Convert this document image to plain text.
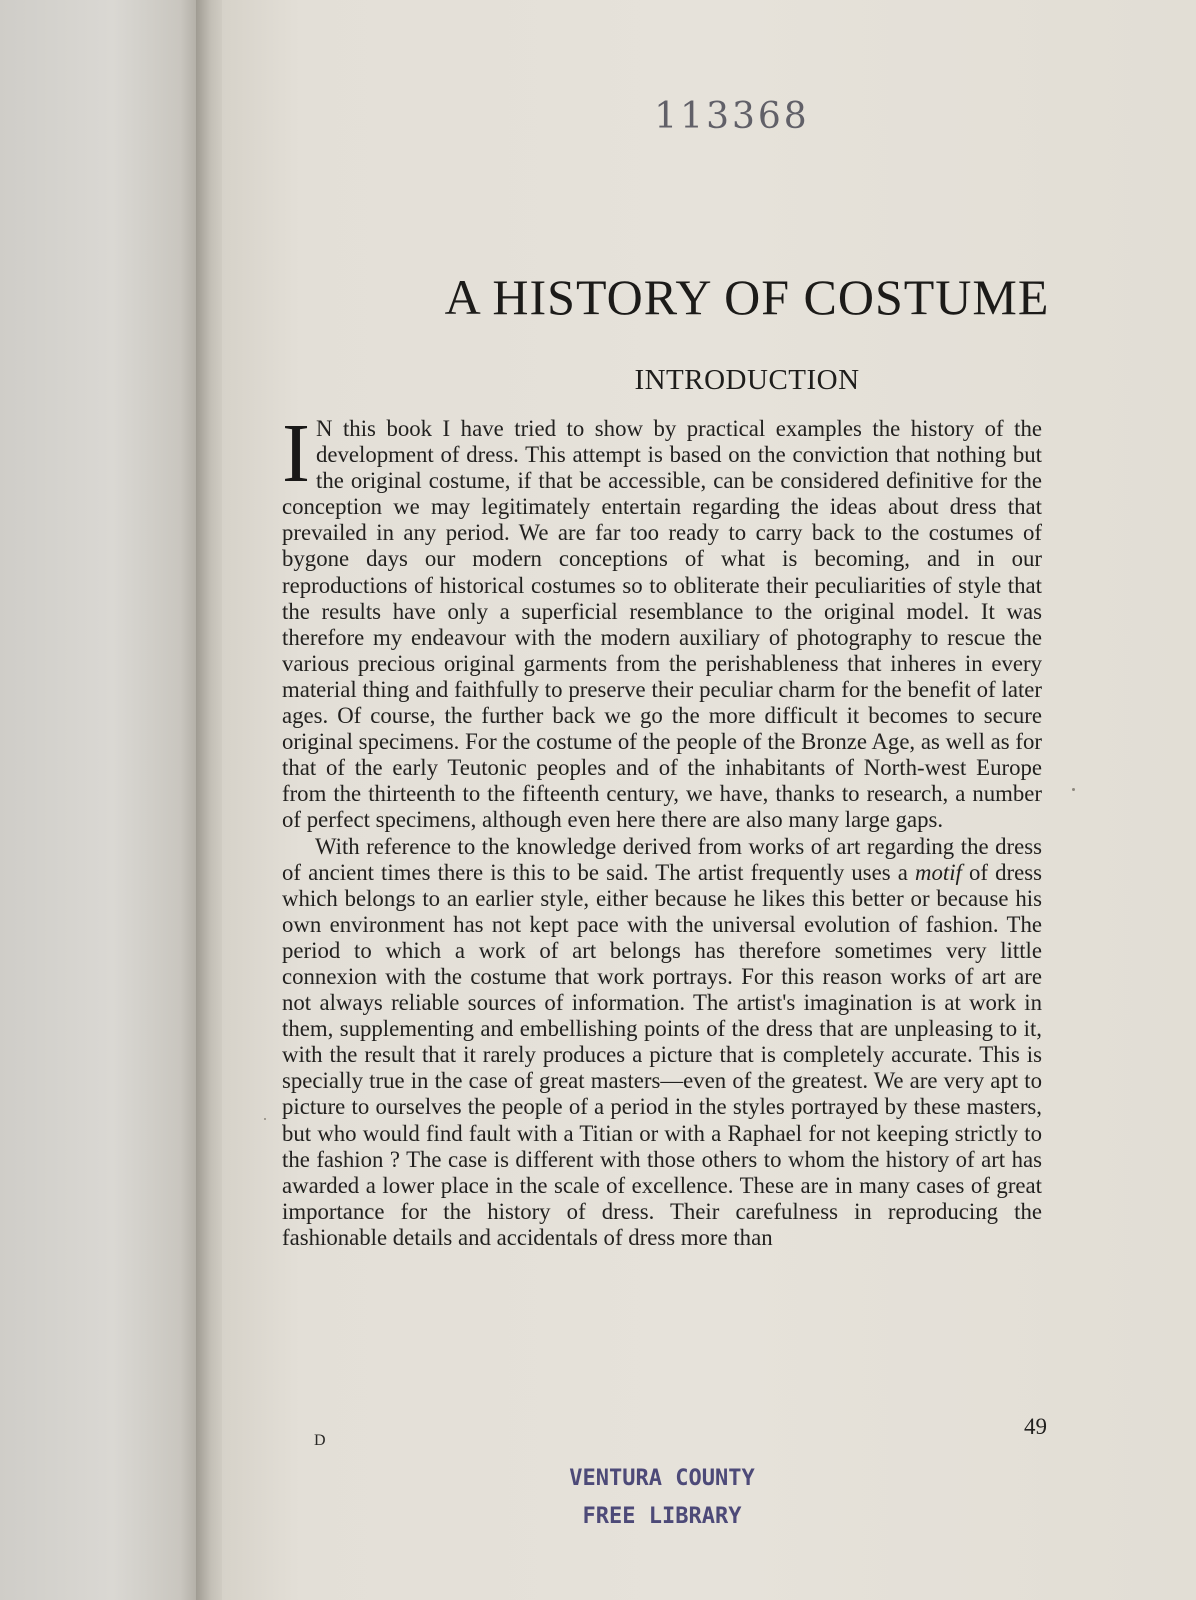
113368
A HISTORY OF COSTUME
INTRODUCTION

I N this book I have tried to show by practical examples the history of the development of dress. This attempt is based on the conviction that nothing but the original costume, if that be accessible, can be considered definitive for the conception we may legitimately entertain regarding the ideas about dress that prevailed in any period. We are far too ready to carry back to the costumes of bygone days our modern conceptions of what is becoming, and in our reproductions of historical costumes so to obliterate their peculiarities of style that the results have only a superficial resemblance to the original model. It was therefore my endeavour with the modern auxiliary of photography to rescue the various precious original garments from the perishableness that inheres in every material thing and faithfully to preserve their peculiar charm for the benefit of later ages. Of course, the further back we go the more difficult it becomes to secure original specimens. For the costume of the people of the Bronze Age, as well as for that of the early Teutonic peoples and of the inhabitants of North-west Europe from the thirteenth to the fifteenth century, we have, thanks to research, a number of perfect specimens, although even here there are also many large gaps.

With reference to the knowledge derived from works of art regarding the dress of ancient times there is this to be said. The artist frequently uses a motif of dress which belongs to an earlier style, either because he likes this better or because his own environment has not kept pace with the universal evolution of fashion. The period to which a work of art belongs has therefore sometimes very little connexion with the costume that work portrays. For this reason works of art are not always reliable sources of information. The artist's imagination is at work in them, supplementing and embellishing points of the dress that are unpleasing to it, with the result that it rarely produces a picture that is completely accurate. This is specially true in the case of great masters—even of the greatest. We are very apt to picture to ourselves the people of a period in the styles portrayed by these masters, but who would find fault with a Titian or with a Raphael for not keeping strictly to the fashion ? The case is different with those others to whom the history of art has awarded a lower place in the scale of excellence. These are in many cases of great importance for the history of dress. Their carefulness in reproducing the fashionable details and accidentals of dress more than

D
49
VENTURA COUNTY
FREE LIBRARY
